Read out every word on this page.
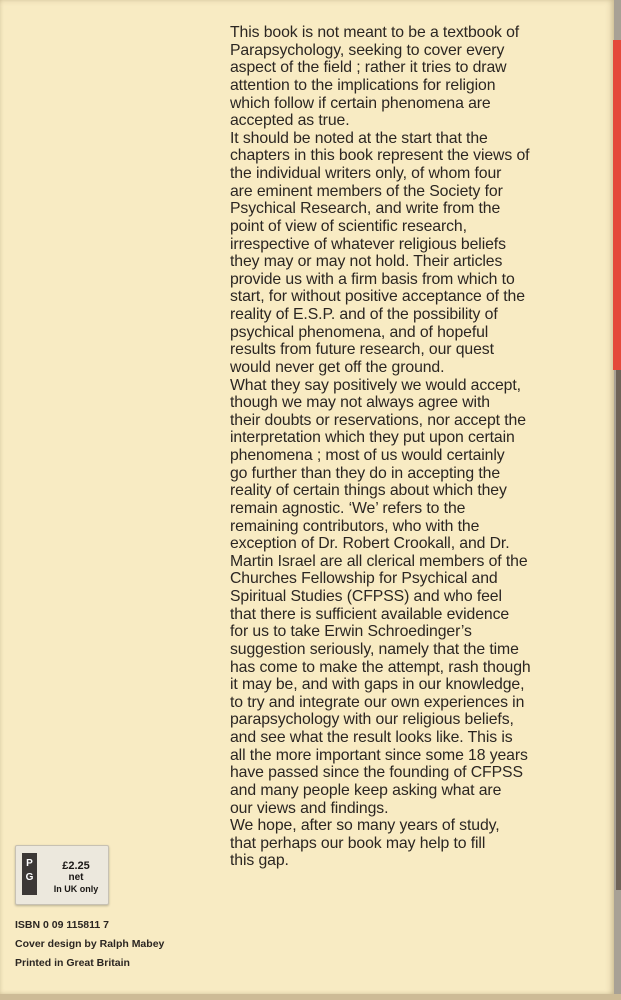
This book is not meant to be a textbook of
Parapsychology, seeking to cover every
aspect of the field ; rather it tries to draw
attention to the implications for religion
which follow if certain phenomena are
accepted as true.
It should be noted at the start that the
chapters in this book represent the views of
the individual writers only, of whom four
are eminent members of the Society for
Psychical Research, and write from the
point of view of scientific research,
irrespective of whatever religious beliefs
they may or may not hold. Their articles
provide us with a firm basis from which to
start, for without positive acceptance of the
reality of E.S.P. and of the possibility of
psychical phenomena, and of hopeful
results from future research, our quest
would never get off the ground.
What they say positively we would accept,
though we may not always agree with
their doubts or reservations, nor accept the
interpretation which they put upon certain
phenomena ; most of us would certainly
go further than they do in accepting the
reality of certain things about which they
remain agnostic. ‘We’ refers to the
remaining contributors, who with the
exception of Dr. Robert Crookall, and Dr.
Martin Israel are all clerical members of the
Churches Fellowship for Psychical and
Spiritual Studies (CFPSS) and who feel
that there is sufficient available evidence
for us to take Erwin Schroedinger’s
suggestion seriously, namely that the time
has come to make the attempt, rash though
it may be, and with gaps in our knowledge,
to try and integrate our own experiences in
parapsychology with our religious beliefs,
and see what the result looks like. This is
all the more important since some 18 years
have passed since the founding of CFPSS
and many people keep asking what are
our views and findings.
We hope, after so many years of study,
that perhaps our book may help to fill
this gap.
P
G
£2.25
net
In UK only
ISBN 0 09 115811 7
Cover design by Ralph Mabey
Printed in Great Britain
